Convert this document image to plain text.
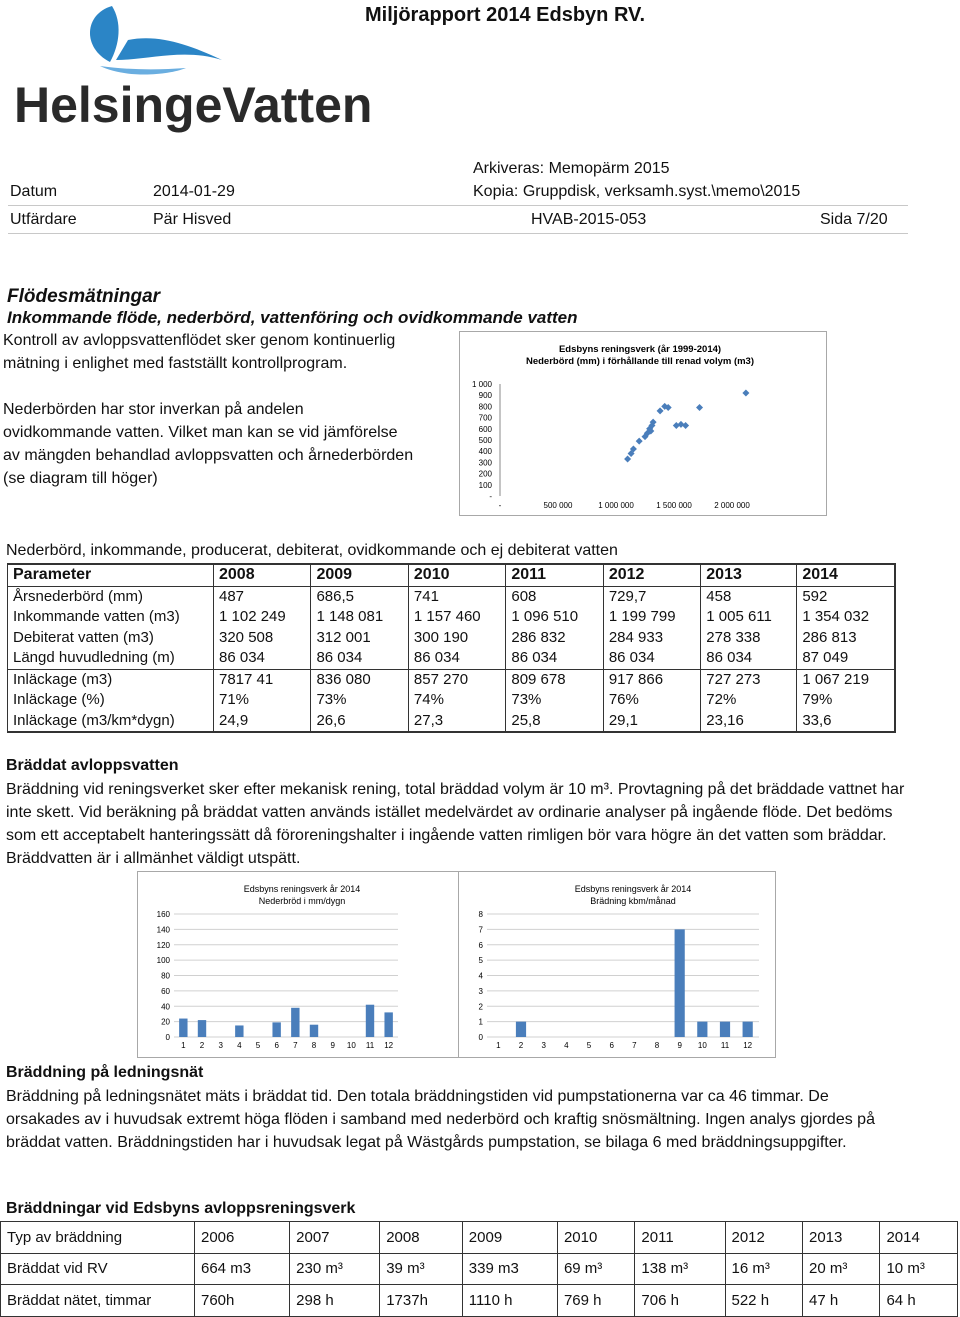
Miljörapport 2014 Edsbyn RV.
HelsingeVatten
Arkiveras: Memopärm 2015
Datum	2014-01-29	Kopia: Gruppdisk, verksamh.syst.\memo\2015
Utfärdare	Pär Hisved	HVAB-2015-053	Sida 7/20
Flödesmätningar
Inkommande flöde, nederbörd, vattenföring och ovidkommande vatten
Kontroll av avloppsvattenflödet sker genom kontinuerlig
mätning i enlighet med fastställt kontrollprogram.
Nederbörden har stor inverkan på andelen
ovidkommande vatten. Vilket man kan se vid jämförelse
av mängden behandlad avloppsvatten och årnederbörden
(se diagram till höger)
Edsbyns reningsverk (år 1999-2014)
Nederbörd (mm) i förhållande till renad volym (m3)
-
100
200
300
400
500
600
700
800
900
1 000
-	500 000	1 000 000	1 500 000	2 000 000
Nederbörd, inkommande, producerat, debiterat, ovidkommande och ej debiterat vatten
Parameter	2008	2009	2010	2011	2012	2013	2014
Årsnederbörd (mm)	487	686,5	741	608	729,7	458	592
Inkommande vatten (m3)	1 102 249	1 148 081	1 157 460	1 096 510	1 199 799	1 005 611	1 354 032
Debiterat vatten (m3)	320 508	312 001	300 190	286 832	284 933	278 338	286 813
Längd huvudledning (m)	86 034	86 034	86 034	86 034	86 034	86 034	87 049
Inläckage (m3)	7817 41	836 080	857 270	809 678	917 866	727 273	1 067 219
Inläckage (%)	71%	73%	74%	73%	76%	72%	79%
Inläckage (m3/km*dygn)	24,9	26,6	27,3	25,8	29,1	23,16	33,6
Bräddat avloppsvatten
Bräddning vid reningsverket sker efter mekanisk rening, total bräddad volym är 10 m³. Provtagning på det bräddade vattnet har inte skett. Vid beräkning på bräddat vatten används istället medelvärdet av ordinarie analyser på ingående flöde. Det bedöms som ett acceptabelt hanteringssätt då föroreningshalter i ingående vatten rimligen bör vara högre än det vatten som bräddar. Bräddvatten är i allmänhet väldigt utspätt.
Edsbyns reningsverk år 2014
Nederbröd i mm/dygn
0
20
40
60
80
100
120
140
160
1 2 3 4 5 6 7 8 9 10 11 12
Edsbyns reningsverk år 2014
Brädning kbm/månad
0
1
2
3
4
5
6
7
8
1 2 3 4 5 6 7 8 9 10 11 12
Bräddning på ledningsnät
Bräddning på ledningsnätet mäts i bräddat tid. Den totala bräddningstiden vid pumpstationerna var ca 46 timmar. De orsakades av i huvudsak extremt höga flöden i samband med nederbörd och kraftig snösmältning. Ingen analys gjordes på bräddat vatten. Bräddningstiden har i huvudsak legat på Wästgårds pumpstation, se bilaga 6 med bräddningsuppgifter.
Bräddningar vid Edsbyns avloppsreningsverk
Typ av bräddning	2006	2007	2008	2009	2010	2011	2012	2013	2014
Bräddat vid RV	664 m3	230 m³	39 m³	339 m3	69 m³	138 m³	16 m³	20 m³	10 m³
Bräddat nätet, timmar	760h	298 h	1737h	1110 h	769 h	706 h	522 h	47 h	64 h
